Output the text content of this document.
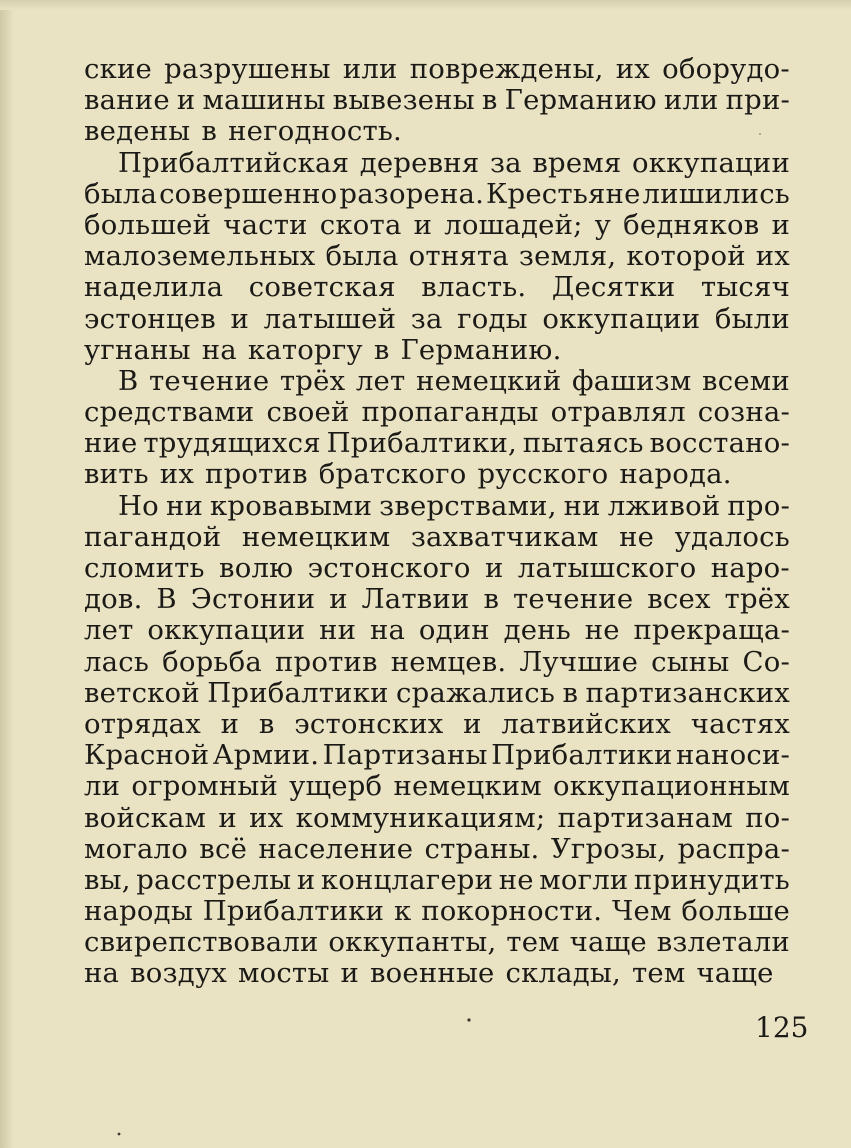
ские разрушены или повреждены, их оборудо-
вание и машины вывезены в Германию или при-
ведены в негодность.
Прибалтийская деревня за время оккупации
была совершенно разорена. Крестьяне лишились
большей части скота и лошадей; у бедняков и
малоземельных была отнята земля, которой их
наделила советская власть. Десятки тысяч
эстонцев и латышей за годы оккупации были
угнаны на каторгу в Германию.
В течение трёх лет немецкий фашизм всеми
средствами своей пропаганды отравлял созна-
ние трудящихся Прибалтики, пытаясь восстано-
вить их против братского русского народа.
Но ни кровавыми зверствами, ни лживой про-
пагандой немецким захватчикам не удалось
сломить волю эстонского и латышского наро-
дов. В Эстонии и Латвии в течение всех трёх
лет оккупации ни на один день не прекраща-
лась борьба против немцев. Лучшие сыны Со-
ветской Прибалтики сражались в партизанских
отрядах и в эстонских и латвийских частях
Красной Армии. Партизаны Прибалтики наноси-
ли огромный ущерб немецким оккупационным
войскам и их коммуникациям; партизанам по-
могало всё население страны. Угрозы, распра-
вы, расстрелы и концлагери не могли принудить
народы Прибалтики к покорности. Чем больше
свирепствовали оккупанты, тем чаще взлетали
на воздух мосты и военные склады, тем чаще
125
